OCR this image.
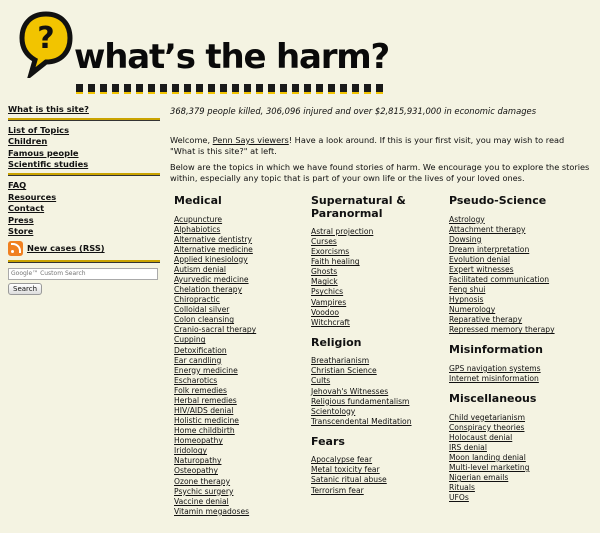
? what’s the harm?
What is this site?
List of Topics
Children
Famous people
Scientific studies
FAQ
Resources
Contact
Press
Store
New cases (RSS)
Google™ Custom Search
Search
368,379 people killed, 306,096 injured and over $2,815,931,000 in economic damages

Welcome, Penn Says viewers! Have a look around. If this is your first visit, you may wish to read "What is this site?" at left.

Below are the topics in which we have found stories of harm. We encourage you to explore the stories within, especially any topic that is part of your own life or the lives of your loved ones.

Medical
Acupuncture
Alphabiotics
Alternative dentistry
Alternative medicine
Applied kinesiology
Autism denial
Ayurvedic medicine
Chelation therapy
Chiropractic
Colloidal silver
Colon cleansing
Cranio-sacral therapy
Cupping
Detoxification
Ear candling
Energy medicine
Escharotics
Folk remedies
Herbal remedies
HIV/AIDS denial
Holistic medicine
Home childbirth
Homeopathy
Iridology
Naturopathy
Osteopathy
Ozone therapy
Psychic surgery
Vaccine denial
Vitamin megadoses
Supernatural & Paranormal
Astral projection
Curses
Exorcisms
Faith healing
Ghosts
Magick
Psychics
Vampires
Voodoo
Witchcraft
Religion
Breatharianism
Christian Science
Cults
Jehovah's Witnesses
Religious fundamentalism
Scientology
Transcendental Meditation
Fears
Apocalypse fear
Metal toxicity fear
Satanic ritual abuse
Terrorism fear
Pseudo-Science
Astrology
Attachment therapy
Dowsing
Dream interpretation
Evolution denial
Expert witnesses
Facilitated communication
Feng shui
Hypnosis
Numerology
Reparative therapy
Repressed memory therapy
Misinformation
GPS navigation systems
Internet misinformation
Miscellaneous
Child vegetarianism
Conspiracy theories
Holocaust denial
IRS denial
Moon landing denial
Multi-level marketing
Nigerian emails
Rituals
UFOs
